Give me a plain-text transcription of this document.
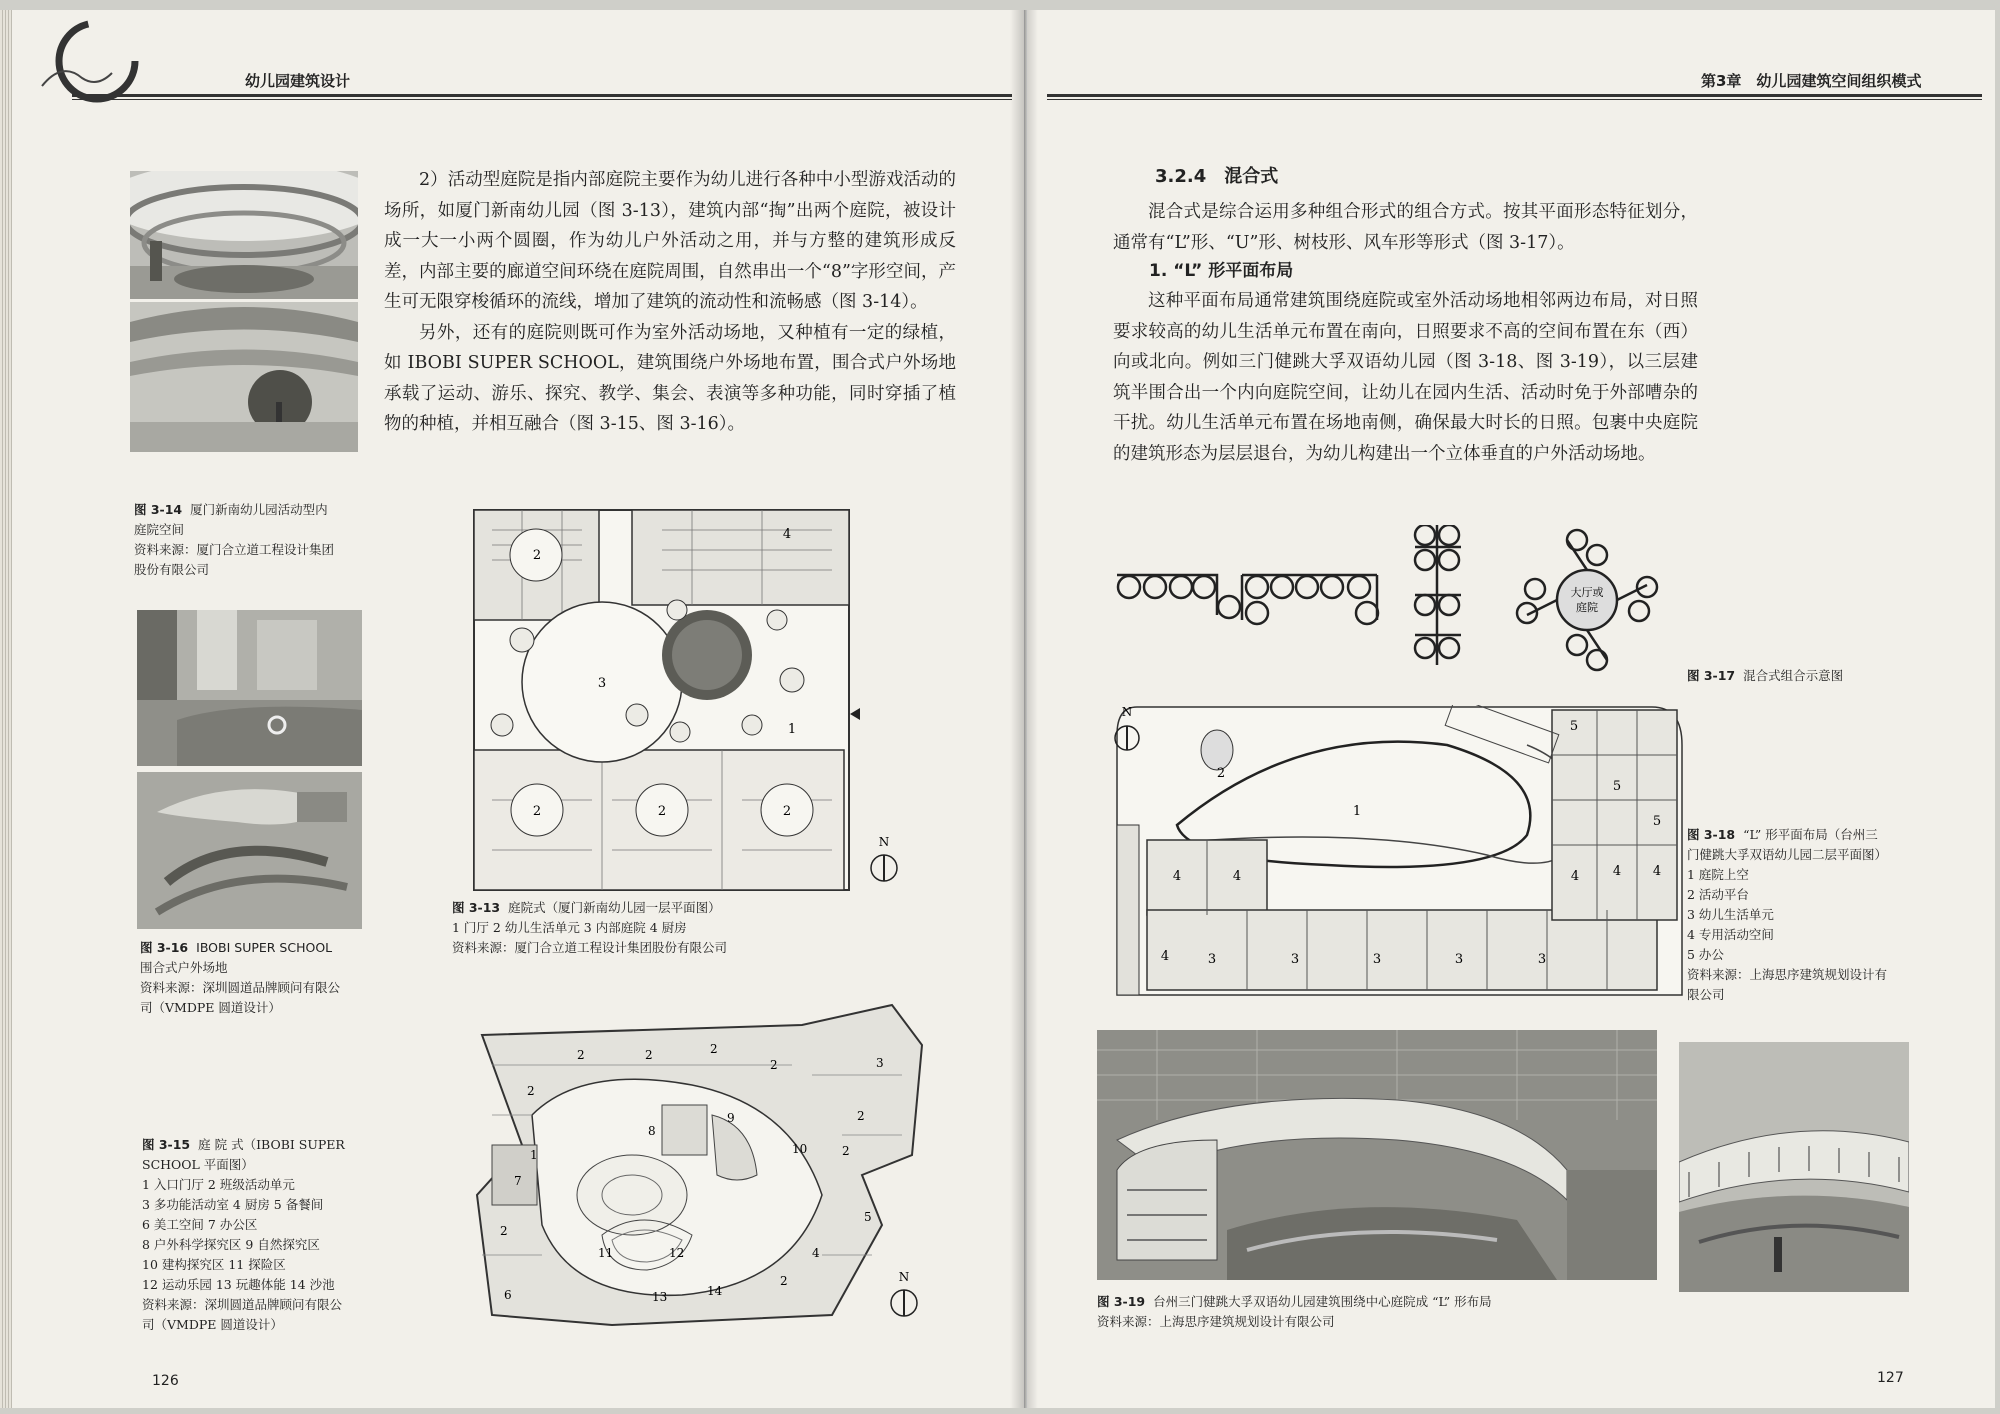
幼儿园建筑设计
图 3-14 厦门新南幼儿园活动型内
庭院空间
资料来源：厦门合立道工程设计集团
股份有限公司
图 3-16 IBOBI SUPER SCHOOL
围合式户外场地
资料来源：深圳圆道品牌顾问有限公
司（VMDPE 圆道设计）

2）活动型庭院是指内部庭院主要作为幼儿进行各种中小型游戏活动的场所，如厦门新南幼儿园（图 3-13），建筑内部“掏”出两个庭院，被设计成一大一小两个圆圈，作为幼儿户外活动之用，并与方整的建筑形成反差，内部主要的廊道空间环绕在庭院周围，自然串出一个“8”字形空间，产生可无限穿梭循环的流线，增加了建筑的流动性和流畅感（图 3-14）。

另外，还有的庭院则既可作为室外活动场地，又种植有一定的绿植，如 IBOBI SUPER SCHOOL，建筑围绕户外场地布置，围合式户外场地承载了运动、游乐、探究、教学、集会、表演等多种功能，同时穿插了植物的种植，并相互融合（图 3-15、图 3-16）。

2
2	2	2
3
4
1
N
图 3-13 庭院式（厦门新南幼儿园一层平面图）
1 门厅 2 幼儿生活单元 3 内部庭院 4 厨房
资料来源：厦门合立道工程设计集团股份有限公司
2	2	2
2
2
2
2
2
2
3
1
4
5
6
7
8
9
10
11	12
13	14
N
图 3-15 庭 院 式（IBOBI SUPER
SCHOOL 平面图）
1 入口门厅 2 班级活动单元
3 多功能活动室 4 厨房 5 备餐间
6 美工空间 7 办公区
8 户外科学探究区 9 自然探究区
10 建构探究区 11 探险区
12 运动乐园 13 玩趣体能 14 沙池
资料来源：深圳圆道品牌顾问有限公
司（VMDPE 圆道设计）
126
第3章　幼儿园建筑空间组织模式
3.2.4　混合式

混合式是综合运用多种组合形式的组合方式。按其平面形态特征划分，通常有“L”形、“U”形、树枝形、风车形等形式（图 3-17）。

1. “L” 形平面布局

这种平面布局通常建筑围绕庭院或室外活动场地相邻两边布局，对日照要求较高的幼儿生活单元布置在南向，日照要求不高的空间布置在东（西）向或北向。例如三门健跳大孚双语幼儿园（图 3-18、图 3-19），以三层建筑半围合出一个内向庭院空间，让幼儿在园内生活、活动时免于外部嘈杂的干扰。幼儿生活单元布置在场地南侧，确保最大时长的日照。包裹中央庭院的建筑形态为层层退台，为幼儿构建出一个立体垂直的户外活动场地。

大厅或
庭院
图 3-17 混合式组合示意图
2
1
4	4
4	3	3	3	3	3
5
5
5
4	4 4
N
图 3-18 “L” 形平面布局（台州三
门健跳大孚双语幼儿园二层平面图）
1 庭院上空
2 活动平台
3 幼儿生活单元
4 专用活动空间
5 办公
资料来源：上海思序建筑规划设计有
限公司
图 3-19 台州三门健跳大孚双语幼儿园建筑围绕中心庭院成 “L” 形布局
资料来源：上海思序建筑规划设计有限公司
127
